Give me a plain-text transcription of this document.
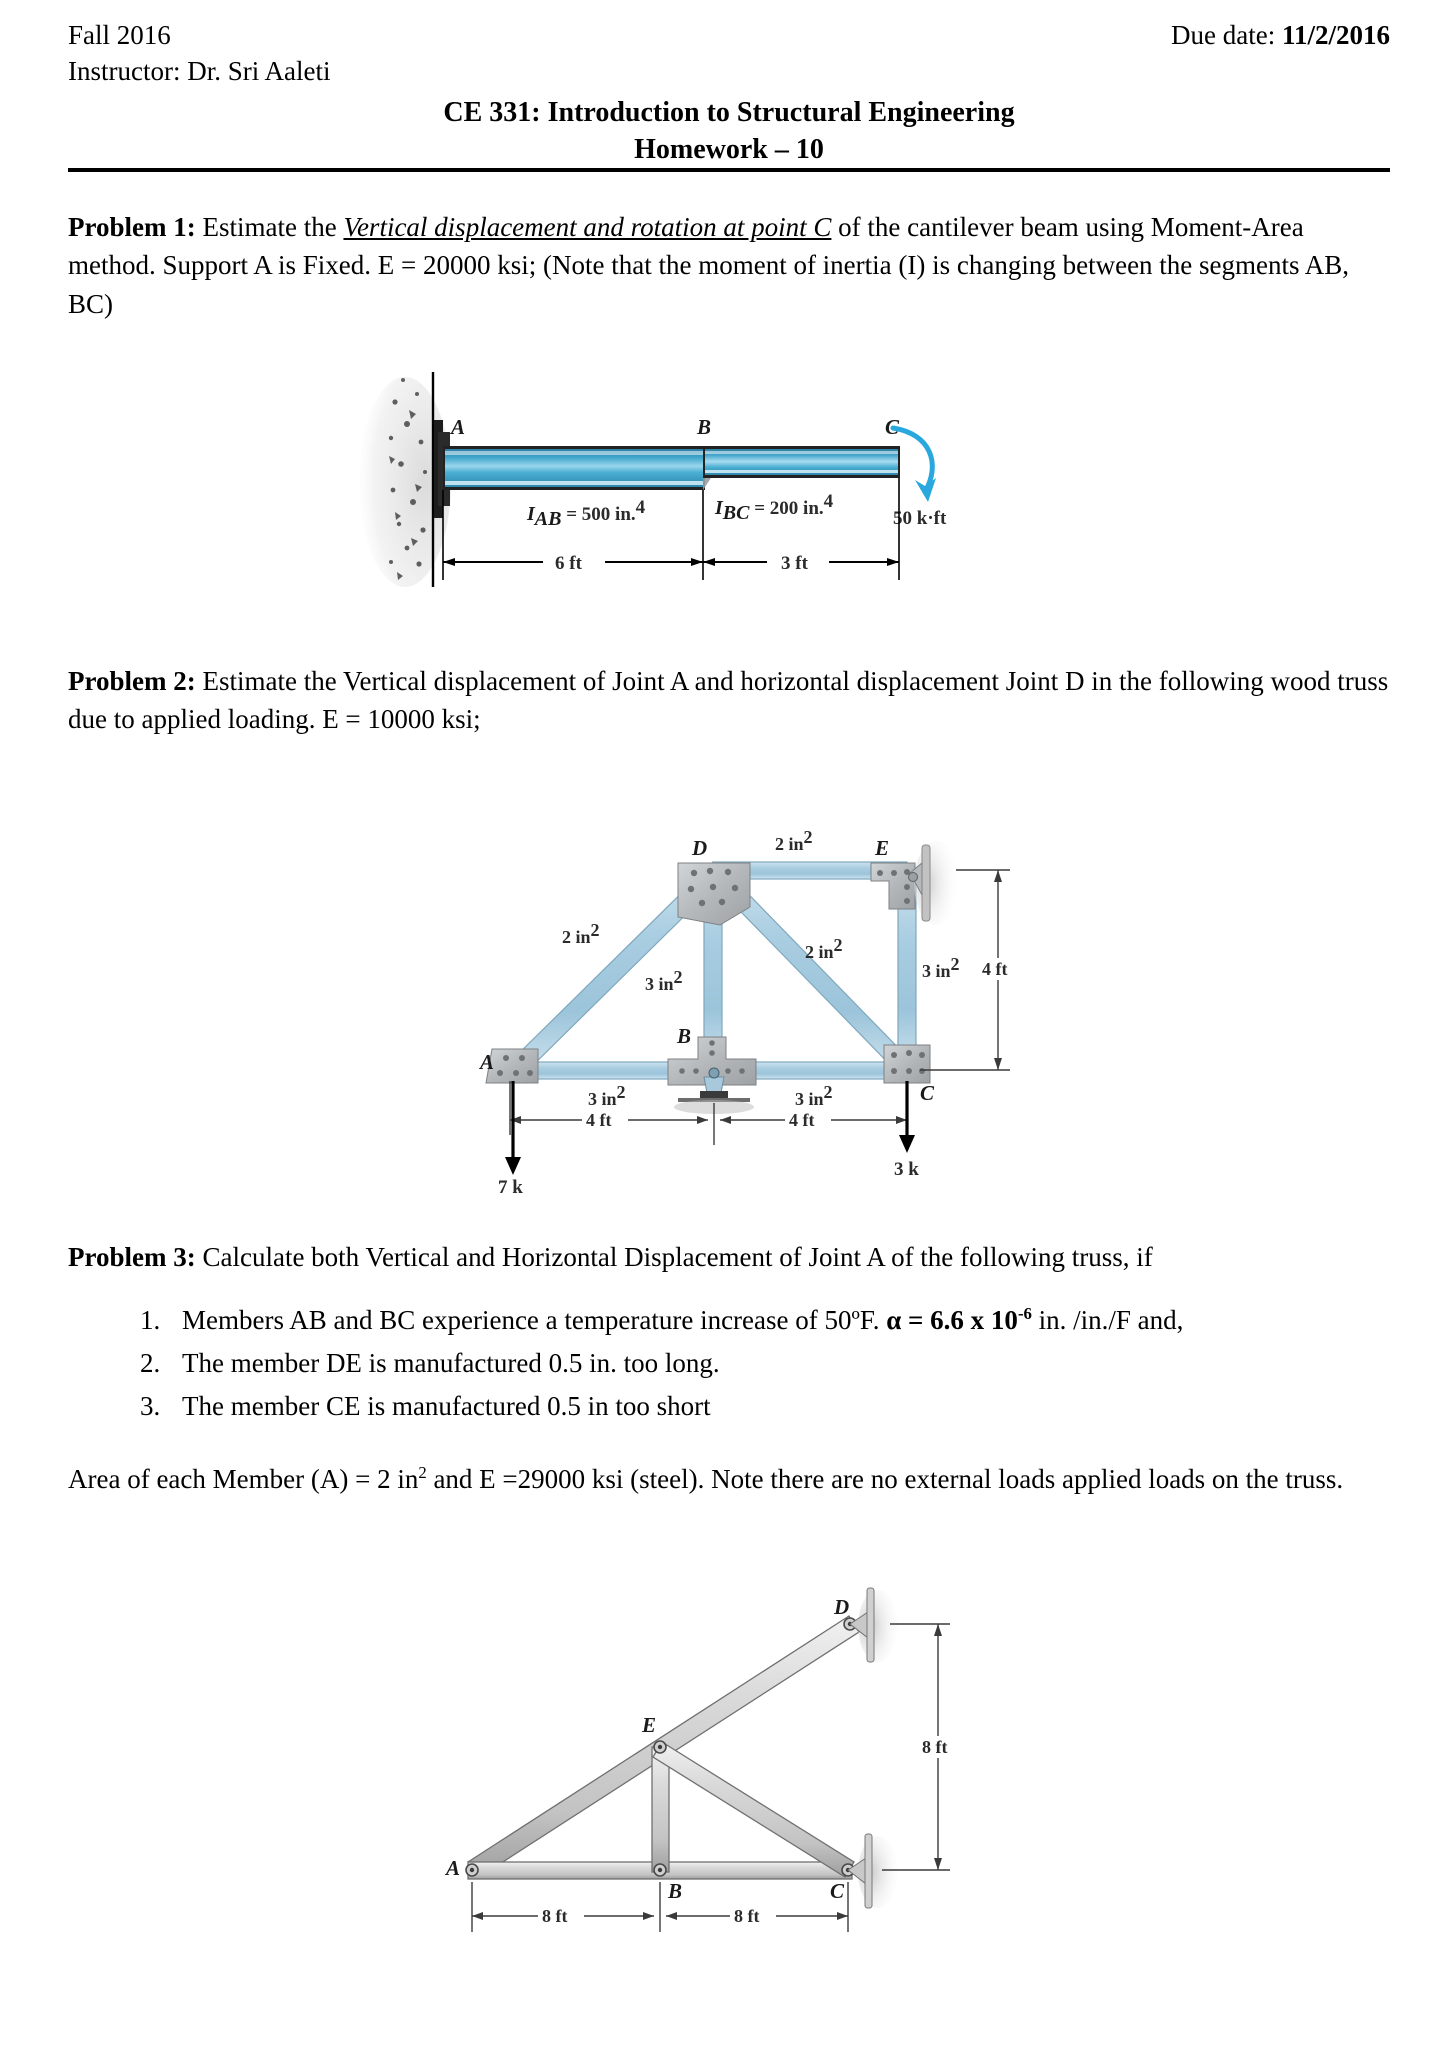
Fall 2016
Instructor: Dr. Sri Aaleti
Due date: 11/2/2016
CE 331: Introduction to Structural Engineering
Homework – 10
Problem 1: Estimate the Vertical displacement and rotation at point C of the cantilever beam using Moment-Area method. Support A is Fixed. E = 20000 ksi; (Note that the moment of inertia (I) is changing between the segments AB, BC)
A	B	C
IAB = 500 in.4	IBC = 200 in.4
50 k·ft
6 ft	3 ft
Problem 2: Estimate the Vertical displacement of Joint A and horizontal displacement Joint D in the following wood truss due to applied loading. E = 10000 ksi;
D	E
A
B
C
2 in2
2 in2
2 in2
3 in2	3 in2
3 in2	3 in2
4 ft
4 ft	4 ft
7 k
3 k
Problem 3: Calculate both Vertical and Horizontal Displacement of Joint A of the following truss, if
1. Members AB and BC experience a temperature increase of 50ºF. α = 6.6 x $10^{-6}$ in. /in./F and,
2. The member DE is manufactured 0.5 in. too long.
3. The member CE is manufactured 0.5 in too short
Area of each Member (A) = 2 $in^2$ and E =29000 ksi (steel). Note there are no external loads applied loads on the truss.
D
E
A
B	C
8 ft
8 ft	8 ft
